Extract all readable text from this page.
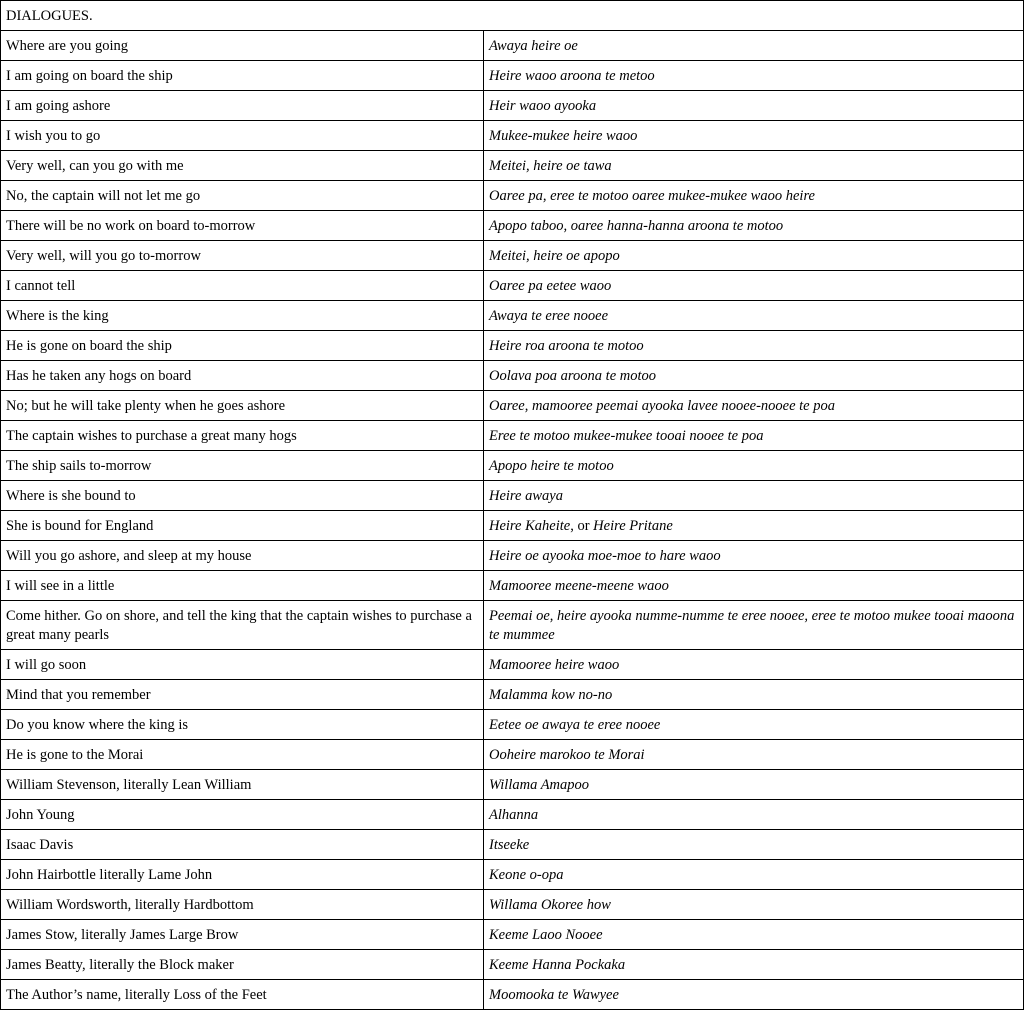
DIALOGUES.	
Where are you going	Awaya heire oe
I am going on board the ship	Heire waoo aroona te metoo
I am going ashore	Heir waoo ayooka
I wish you to go	Mukee-mukee heire waoo
Very well, can you go with me	Meitei, heire oe tawa
No, the captain will not let me go	Oaree pa, eree te motoo oaree mukee-mukee waoo heire
There will be no work on board to-morrow	Apopo taboo, oaree hanna-hanna aroona te motoo
Very well, will you go to-morrow	Meitei, heire oe apopo
I cannot tell	Oaree pa eetee waoo
Where is the king	Awaya te eree nooee
He is gone on board the ship	Heire roa aroona te motoo
Has he taken any hogs on board	Oolava poa aroona te motoo
No; but he will take plenty when he goes ashore	Oaree, mamooree peemai ayooka lavee nooee-nooee te poa
The captain wishes to purchase a great many hogs	Eree te motoo mukee-mukee tooai nooee te poa
The ship sails to-morrow	Apopo heire te motoo
Where is she bound to	Heire awaya
She is bound for England	Heire Kaheite, or Heire Pritane
Will you go ashore, and sleep at my house	Heire oe ayooka moe-moe to hare waoo
I will see in a little	Mamooree meene-meene waoo
Come hither. Go on shore, and tell the king that the captain wishes to purchase a great many pearls	Peemai oe, heire ayooka numme-numme te eree nooee, eree te motoo mukee tooai maoona te mummee
I will go soon	Mamooree heire waoo
Mind that you remember	Malamma kow no-no
Do you know where the king is	Eetee oe awaya te eree nooee
He is gone to the Morai	Ooheire marokoo te Morai
William Stevenson, literally Lean William	Willama Amapoo
John Young	Alhanna
Isaac Davis	Itseeke
John Hairbottle literally Lame John	Keone o-opa
William Wordsworth, literally Hardbottom	Willama Okoree how
James Stow, literally James Large Brow	Keeme Laoo Nooee
James Beatty, literally the Block maker	Keeme Hanna Pockaka
The Author’s name, literally Loss of the Feet	Moomooka te Wawyee
